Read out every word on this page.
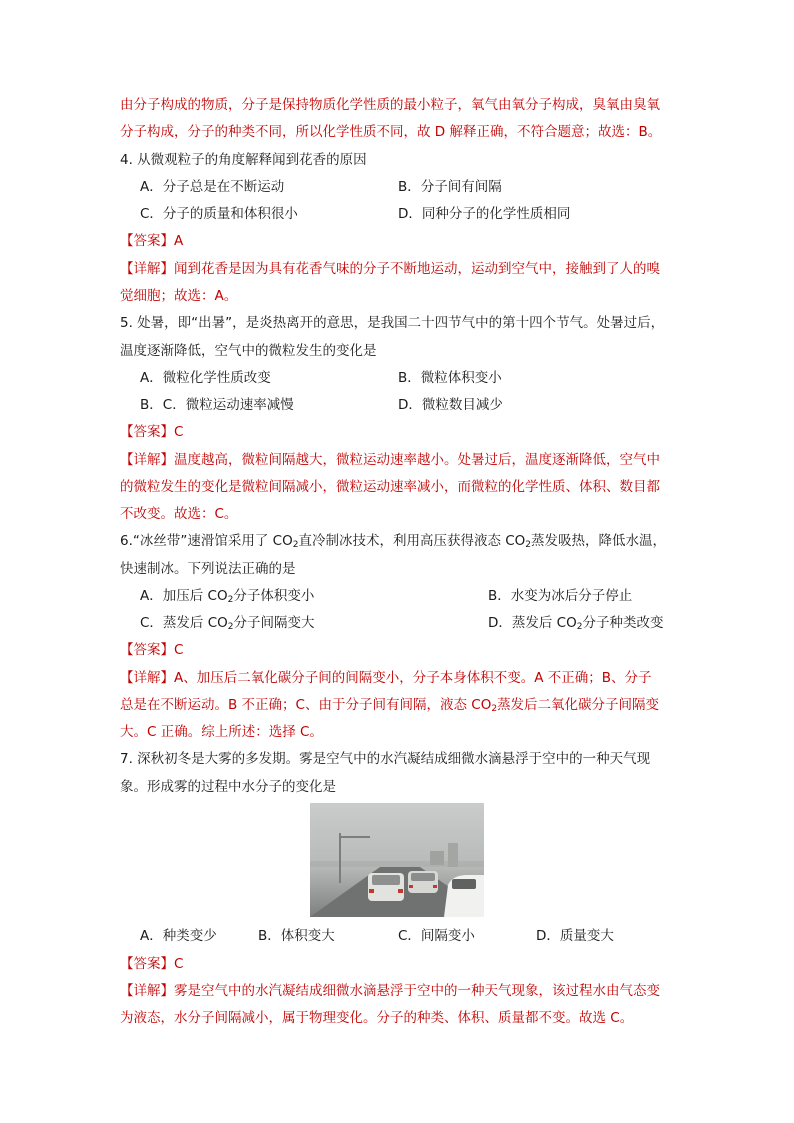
由分子构成的物质，分子是保持物质化学性质的最小粒子，氧气由氧分子构成，臭氧由臭氧
分子构成，分子的种类不同，所以化学性质不同，故 D 解释正确，不符合题意；故选：B。
4. 从微观粒子的角度解释闻到花香的原因
A．分子总是在不断运动	B．分子间有间隔
C．分子的质量和体积很小	D．同种分子的化学性质相同
【答案】A
【详解】闻到花香是因为具有花香气味的分子不断地运动，运动到空气中，接触到了人的嗅
觉细胞；故选：A。
5. 处暑，即“出暑”，是炎热离开的意思，是我国二十四节气中的第十四个节气。处暑过后，
温度逐渐降低，空气中的微粒发生的变化是
A．微粒化学性质改变	B．微粒体积变小
B．C．微粒运动速率减慢	D．微粒数目减少
【答案】C
【详解】温度越高，微粒间隔越大，微粒运动速率越小。处暑过后，温度逐渐降低，空气中
的微粒发生的变化是微粒间隔减小，微粒运动速率减小，而微粒的化学性质、体积、数目都
不改变。故选：C。
6.“冰丝带”速滑馆采用了 $CO_2$直冷制冰技术，利用高压获得液态 $CO_2$蒸发吸热，降低水温，
快速制冰。下列说法正确的是
A．加压后 $CO_2$分子体积变小	B．水变为冰后分子停止
C．蒸发后 $CO_2$分子间隔变大	D．蒸发后 $CO_2$分子种类改变
【答案】C
【详解】A、加压后二氧化碳分子间的间隔变小，分子本身体积不变。A 不正确；B、分子
总是在不断运动。B 不正确；C、由于分子间有间隔，液态 $CO_2$蒸发后二氧化碳分子间隔变
大。C 正确。综上所述：选择 C。
7. 深秋初冬是大雾的多发期。雾是空气中的水汽凝结成细微水滴悬浮于空中的一种天气现
象。形成雾的过程中水分子的变化是
A．种类变少	B．体积变大	C．间隔变小	D．质量变大
【答案】C
【详解】雾是空气中的水汽凝结成细微水滴悬浮于空中的一种天气现象，该过程水由气态变
为液态，水分子间隔减小，属于物理变化。分子的种类、体积、质量都不变。故选 C。
